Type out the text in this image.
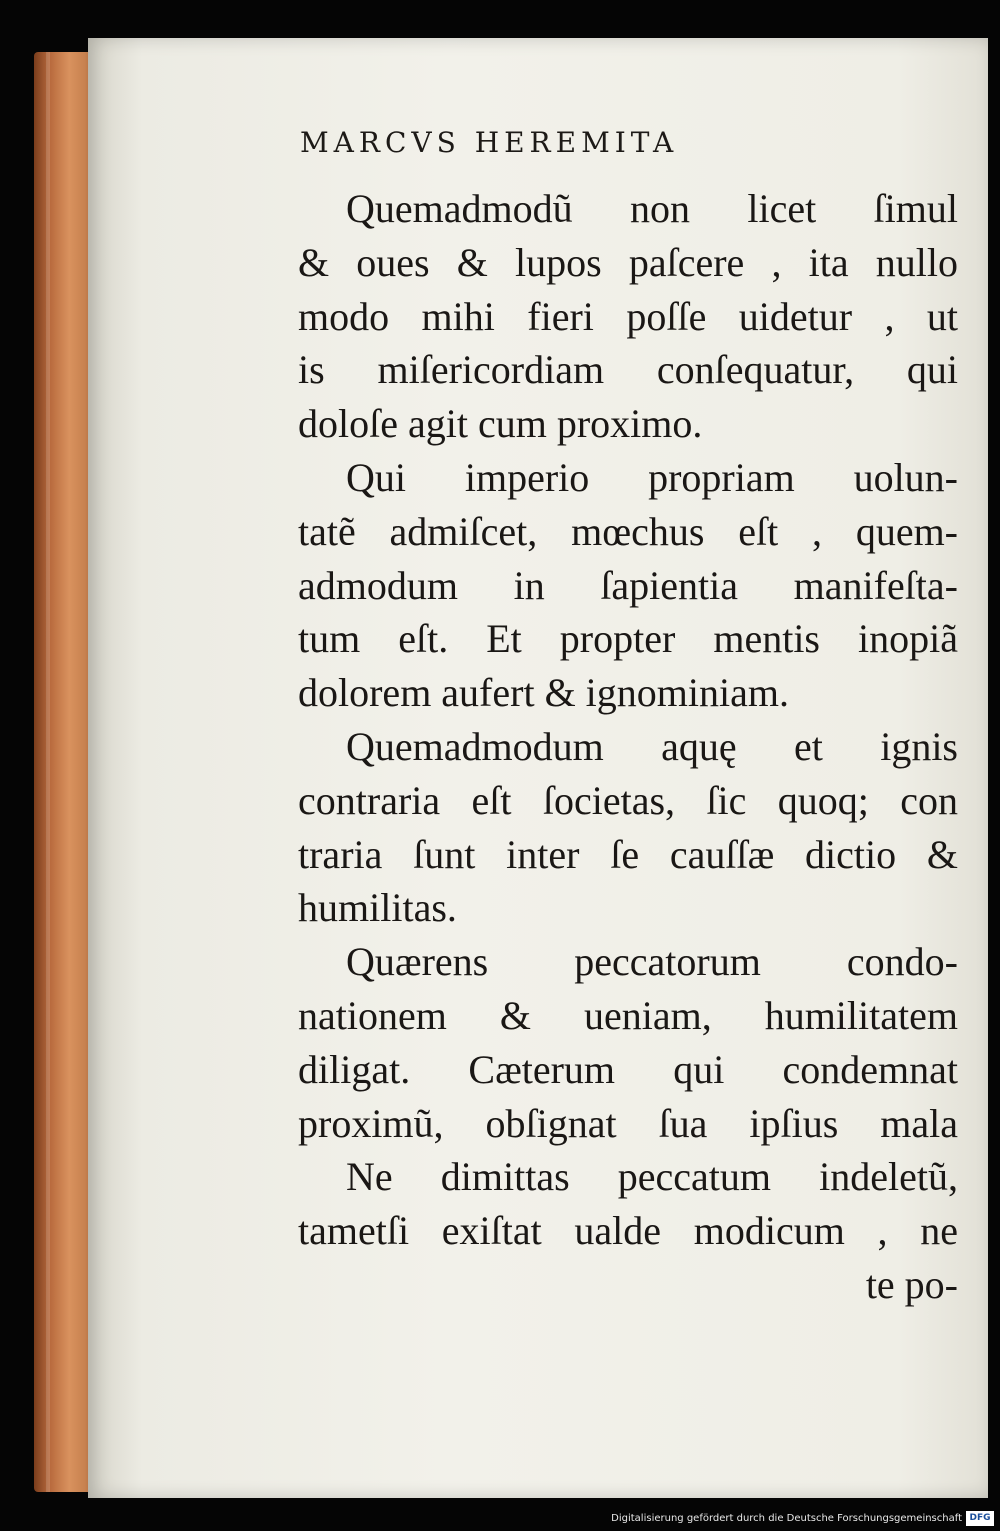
MARCVS HEREMITA
Quemadmodũ non licet ſimul
& oues & lupos paſcere , ita nullo
modo mihi fieri poſſe uidetur , ut
is miſericordiam conſequatur, qui
doloſe agit cum proximo.
Qui imperio propriam uolun-
tatẽ admiſcet, mœchus eſt , quem-
admodum in ſapientia manifeſta-
tum eſt. Et propter mentis inopiã
dolorem aufert & ignominiam.
Quemadmodum aquę et ignis
contraria eſt ſocietas, ſic quoq; con
traria ſunt inter ſe cauſſæ dictio &
humilitas.
Quærens peccatorum condo-
nationem & ueniam, humilitatem
diligat. Cæterum qui condemnat
proximũ, obſignat ſua ipſius mala
Ne dimittas peccatum indeletũ,
tametſi exiſtat ualde modicum , ne
te po-
Digitalisierung gefördert durch die Deutsche Forschungsgemeinschaft DFG
